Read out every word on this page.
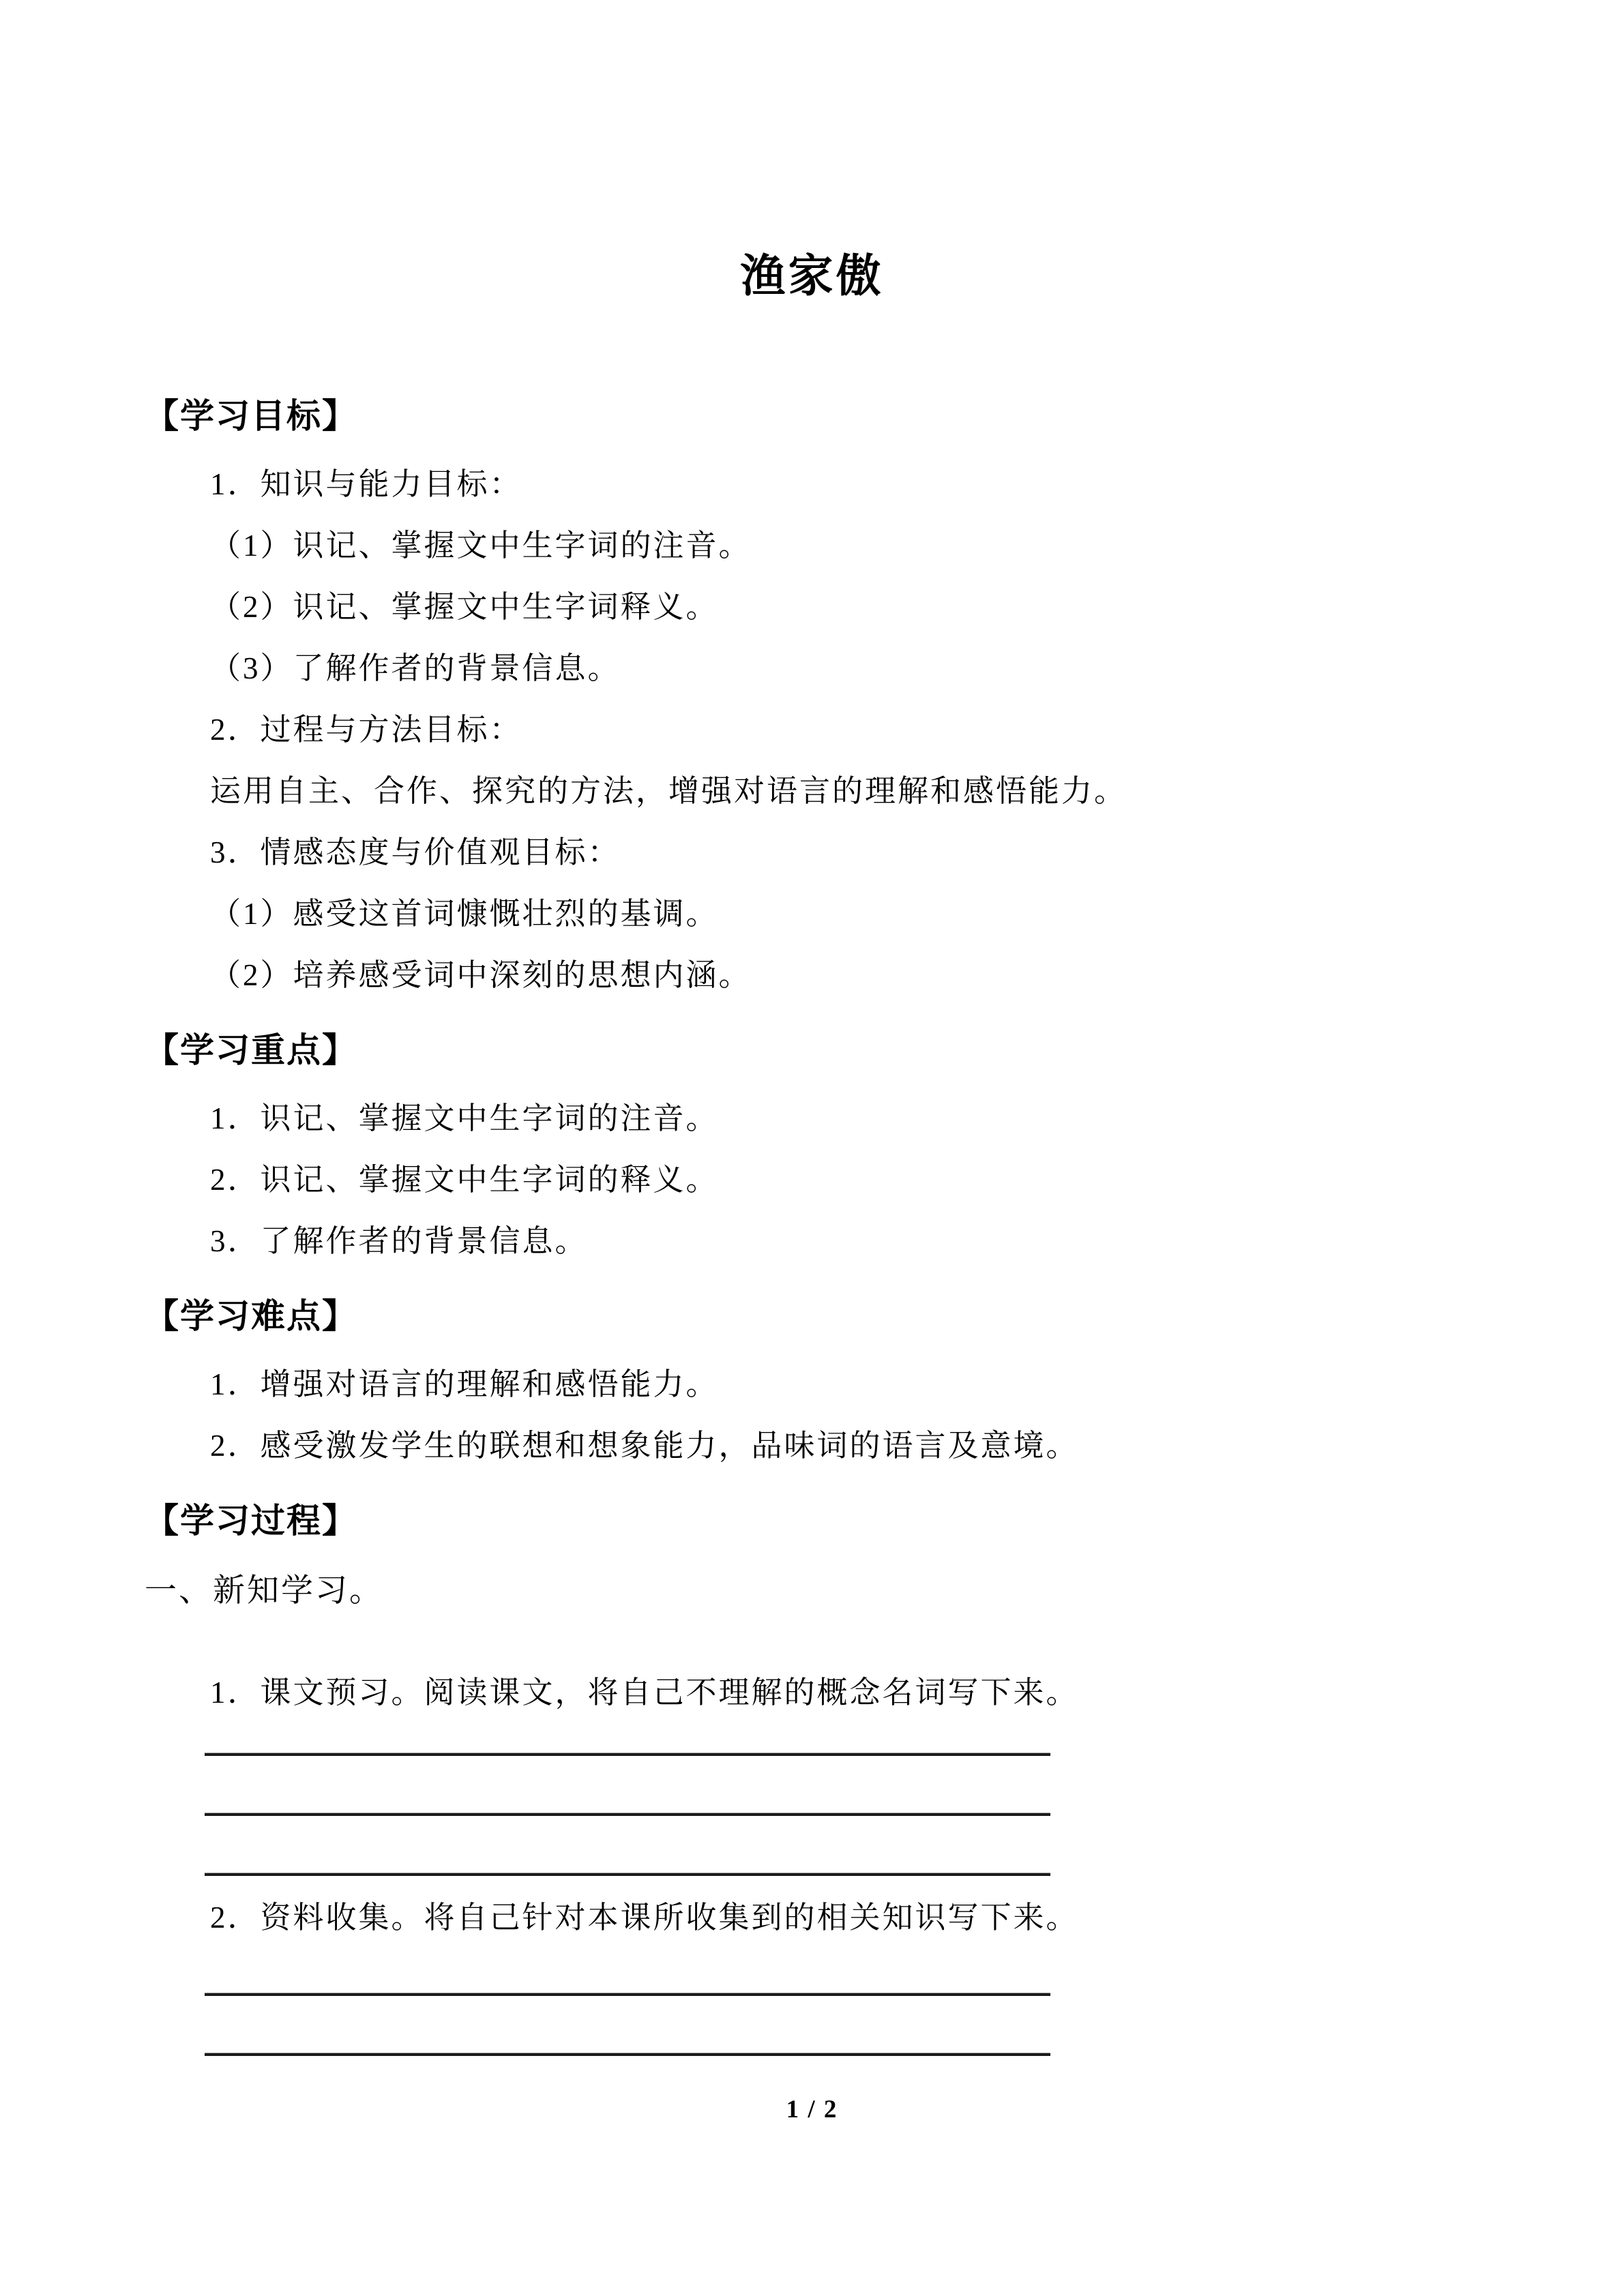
渔家傲
【学习目标】
1．知识与能力目标：
（1）识记、掌握文中生字词的注音。
（2）识记、掌握文中生字词释义。
（3）了解作者的背景信息。
2．过程与方法目标：
运用自主、合作、探究的方法，增强对语言的理解和感悟能力。
3．情感态度与价值观目标：
（1）感受这首词慷慨壮烈的基调。
（2）培养感受词中深刻的思想内涵。
【学习重点】
1．识记、掌握文中生字词的注音。
2．识记、掌握文中生字词的释义。
3．了解作者的背景信息。
【学习难点】
1．增强对语言的理解和感悟能力。
2．感受激发学生的联想和想象能力，品味词的语言及意境。
【学习过程】
一、新知学习。
1．课文预习。阅读课文，将自己不理解的概念名词写下来。
2．资料收集。将自己针对本课所收集到的相关知识写下来。
1 / 2
